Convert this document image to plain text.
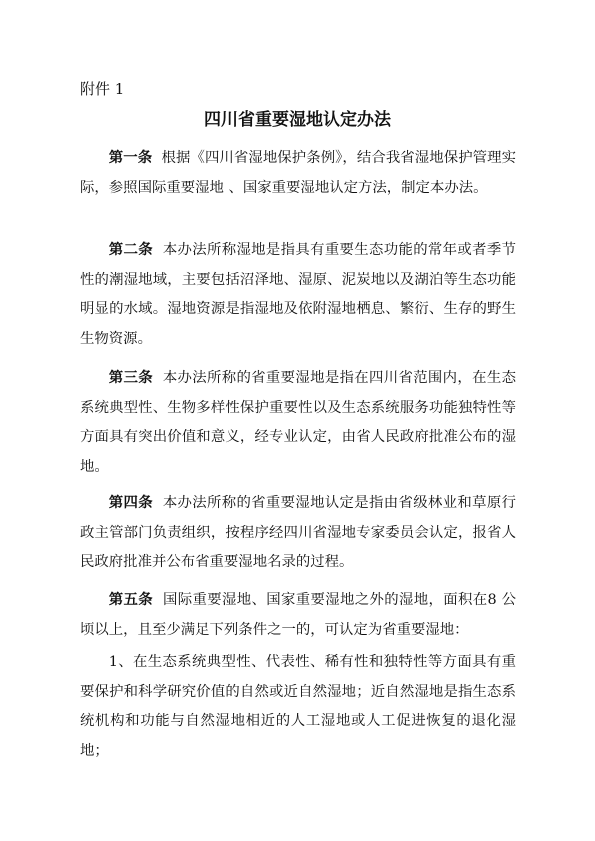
附件 1
四川省重要湿地认定办法

第一条 根据《四川省湿地保护条例》，结合我省湿地保护管理实际，参照国际重要湿地 、国家重要湿地认定方法，制定本办法。

第二条 本办法所称湿地是指具有重要生态功能的常年或者季节性的潮湿地域，主要包括沼泽地、湿原、泥炭地以及湖泊等生态功能明显的水域。湿地资源是指湿地及依附湿地栖息、繁衍、生存的野生生物资源。

第三条 本办法所称的省重要湿地是指在四川省范围内，在生态系统典型性、生物多样性保护重要性以及生态系统服务功能独特性等方面具有突出价值和意义，经专业认定，由省人民政府批准公布的湿地。

第四条 本办法所称的省重要湿地认定是指由省级林业和草原行政主管部门负责组织，按程序经四川省湿地专家委员会认定，报省人民政府批准并公布省重要湿地名录的过程。

第五条 国际重要湿地、国家重要湿地之外的湿地，面积在8 公顷以上，且至少满足下列条件之一的，可认定为省重要湿地：

1、在生态系统典型性、代表性、稀有性和独特性等方面具有重要保护和科学研究价值的自然或近自然湿地；近自然湿地是指生态系统机构和功能与自然湿地相近的人工湿地或人工促进恢复的退化湿地；
